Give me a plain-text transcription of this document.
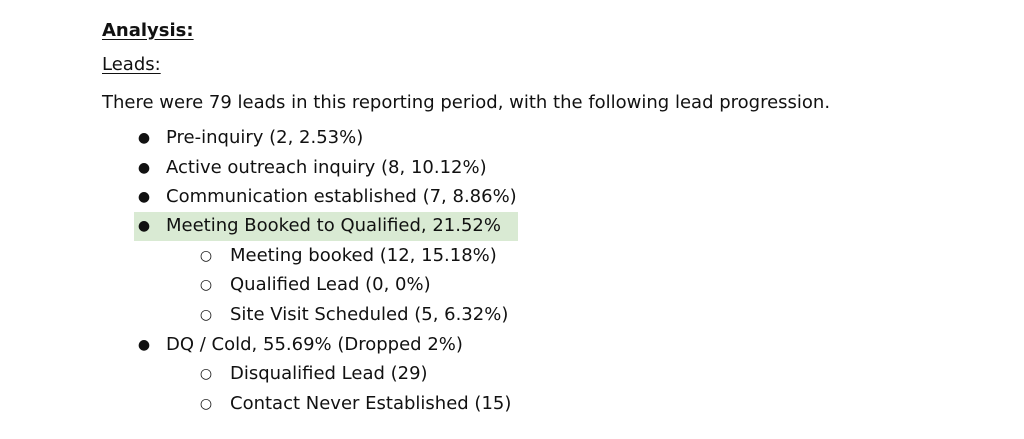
Analysis:
Leads:
There were 79 leads in this reporting period, with the following lead progression.
● Pre-inquiry (2, 2.53%)
● Active outreach inquiry (8, 10.12%)
● Communication established (7, 8.86%)
● Meeting Booked to Qualified, 21.52%
○ Meeting booked (12, 15.18%)
○ Qualified Lead (0, 0%)
○ Site Visit Scheduled (5, 6.32%)
● DQ / Cold, 55.69% (Dropped 2%)
○ Disqualified Lead (29)
○ Contact Never Established (15)
